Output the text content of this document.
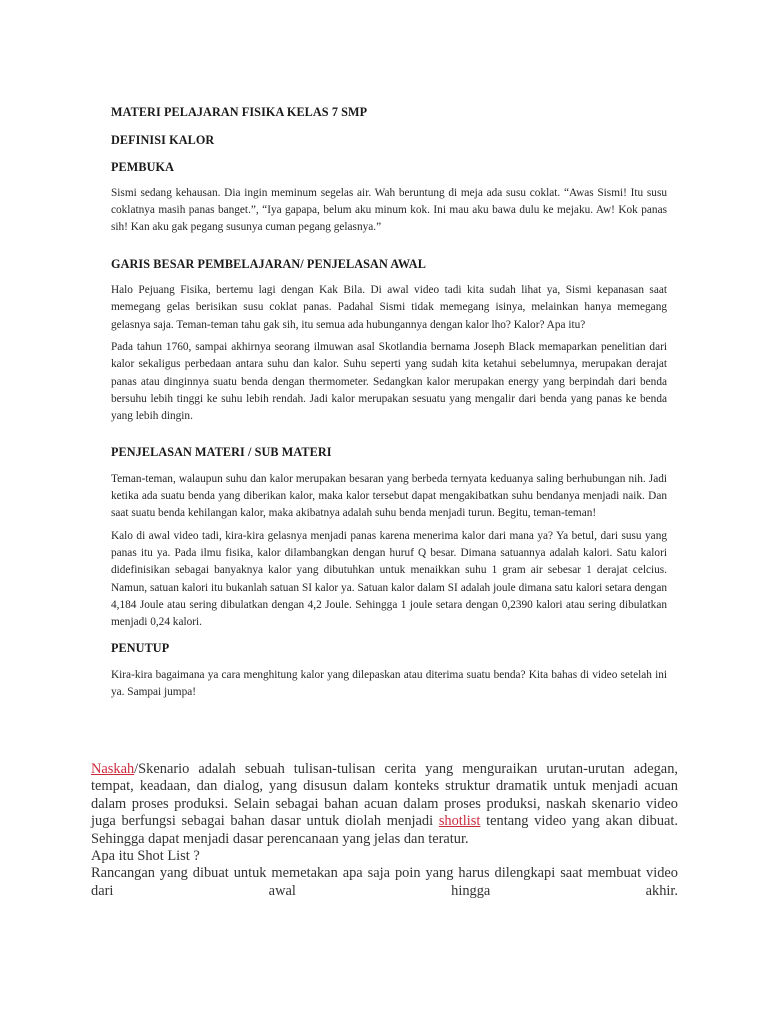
MATERI PELAJARAN FISIKA KELAS 7 SMP
DEFINISI KALOR
PEMBUKA

Sismi sedang kehausan. Dia ingin meminum segelas air. Wah beruntung di meja ada susu coklat. “Awas Sismi! Itu susu coklatnya masih panas banget.”, “Iya gapapa, belum aku minum kok. Ini mau aku bawa dulu ke mejaku. Aw! Kok panas sih! Kan aku gak pegang susunya cuman pegang gelasnya.”

GARIS BESAR PEMBELAJARAN/ PENJELASAN AWAL

Halo Pejuang Fisika, bertemu lagi dengan Kak Bila. Di awal video tadi kita sudah lihat ya, Sismi kepanasan saat memegang gelas berisikan susu coklat panas. Padahal Sismi tidak memegang isinya, melainkan hanya memegang gelasnya saja. Teman-teman tahu gak sih, itu semua ada hubungannya dengan kalor lho? Kalor? Apa itu?

Pada tahun 1760, sampai akhirnya seorang ilmuwan asal Skotlandia bernama Joseph Black memaparkan penelitian dari kalor sekaligus perbedaan antara suhu dan kalor. Suhu seperti yang sudah kita ketahui sebelumnya, merupakan derajat panas atau dinginnya suatu benda dengan thermometer. Sedangkan kalor merupakan energy yang berpindah dari benda bersuhu lebih tinggi ke suhu lebih rendah. Jadi kalor merupakan sesuatu yang mengalir dari benda yang panas ke benda yang lebih dingin.

PENJELASAN MATERI / SUB MATERI

Teman-teman, walaupun suhu dan kalor merupakan besaran yang berbeda ternyata keduanya saling berhubungan nih. Jadi ketika ada suatu benda yang diberikan kalor, maka kalor tersebut dapat mengakibatkan suhu bendanya menjadi naik. Dan saat suatu benda kehilangan kalor, maka akibatnya adalah suhu benda menjadi turun. Begitu, teman-teman!

Kalo di awal video tadi, kira-kira gelasnya menjadi panas karena menerima kalor dari mana ya? Ya betul, dari susu yang panas itu ya. Pada ilmu fisika, kalor dilambangkan dengan huruf Q besar. Dimana satuannya adalah kalori. Satu kalori didefinisikan sebagai banyaknya kalor yang dibutuhkan untuk menaikkan suhu 1 gram air sebesar 1 derajat celcius. Namun, satuan kalori itu bukanlah satuan SI kalor ya. Satuan kalor dalam SI adalah joule dimana satu kalori setara dengan 4,184 Joule atau sering dibulatkan dengan 4,2 Joule. Sehingga 1 joule setara dengan 0,2390 kalori atau sering dibulatkan menjadi 0,24 kalori.

PENUTUP

Kira-kira bagaimana ya cara menghitung kalor yang dilepaskan atau diterima suatu benda? Kita bahas di video setelah ini ya. Sampai jumpa!

Naskah/Skenario adalah sebuah tulisan-tulisan cerita yang menguraikan urutan-urutan adegan, tempat, keadaan, dan dialog, yang disusun dalam konteks struktur dramatik untuk menjadi acuan dalam proses produksi. Selain sebagai bahan acuan dalam proses produksi, naskah skenario video juga berfungsi sebagai bahan dasar untuk diolah menjadi shotlist tentang video yang akan dibuat. Sehingga dapat menjadi dasar perencanaan yang jelas dan teratur.

Apa itu Shot List ?

Rancangan yang dibuat untuk memetakan apa saja poin yang harus dilengkapi saat membuat video dari awal hingga akhir.
